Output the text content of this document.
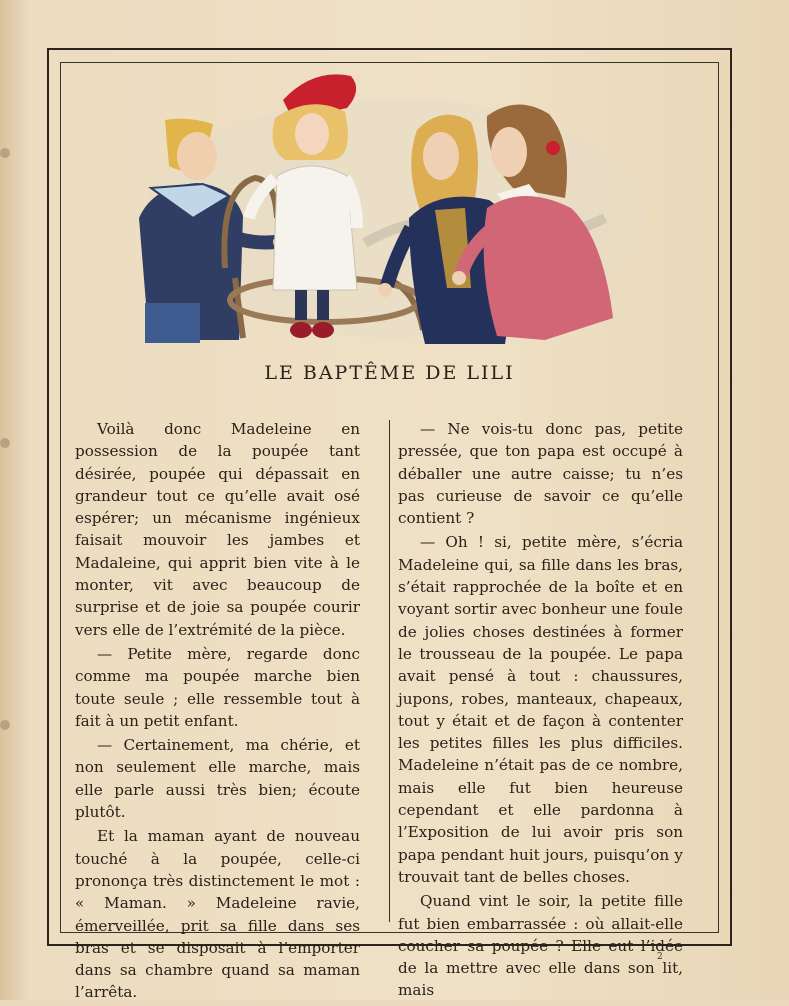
LE BAPTÊME DE LILI

Voilà donc Madeleine en possession de la poupée tant désirée, poupée qui dépassait en grandeur tout ce qu’elle avait osé espérer; un mécanisme ingénieux faisait mouvoir les jambes et Madaleine, qui apprit bien vite à le monter, vit avec beaucoup de surprise et de joie sa poupée courir vers elle de l’extrémité de la pièce.

— Petite mère, regarde donc comme ma poupée marche bien toute seule ; elle ressemble tout à fait à un petit enfant.

— Certainement, ma chérie, et non seulement elle marche, mais elle parle aussi très bien; écoute plutôt.

Et la maman ayant de nouveau touché à la poupée, celle-ci prononça très distinctement le mot : « Maman. » Madeleine ravie, émerveillée, prit sa fille dans ses bras et se disposait à l’emporter dans sa chambre quand sa maman l’arrêta.

— Ne vois-tu donc pas, petite pressée, que ton papa est occupé à déballer une autre caisse; tu n’es pas curieuse de savoir ce qu’elle contient ?

— Oh ! si, petite mère, s’écria Madeleine qui, sa fille dans les bras, s’était rapprochée de la boîte et en voyant sortir avec bonheur une foule de jolies choses destinées à former le trousseau de la poupée. Le papa avait pensé à tout : chaussures, jupons, robes, manteaux, chapeaux, tout y était et de façon à contenter les petites filles les plus difficiles. Madeleine n’était pas de ce nombre, mais elle fut bien heureuse cependant et elle pardonna à l’Exposition de lui avoir pris son papa pendant huit jours, puisqu’on y trouvait tant de belles choses.

Quand vint le soir, la petite fille fut bien embarrassée : où allait-elle coucher sa poupée ? Elle eut l’idée de la mettre avec elle dans son lit, mais

2
